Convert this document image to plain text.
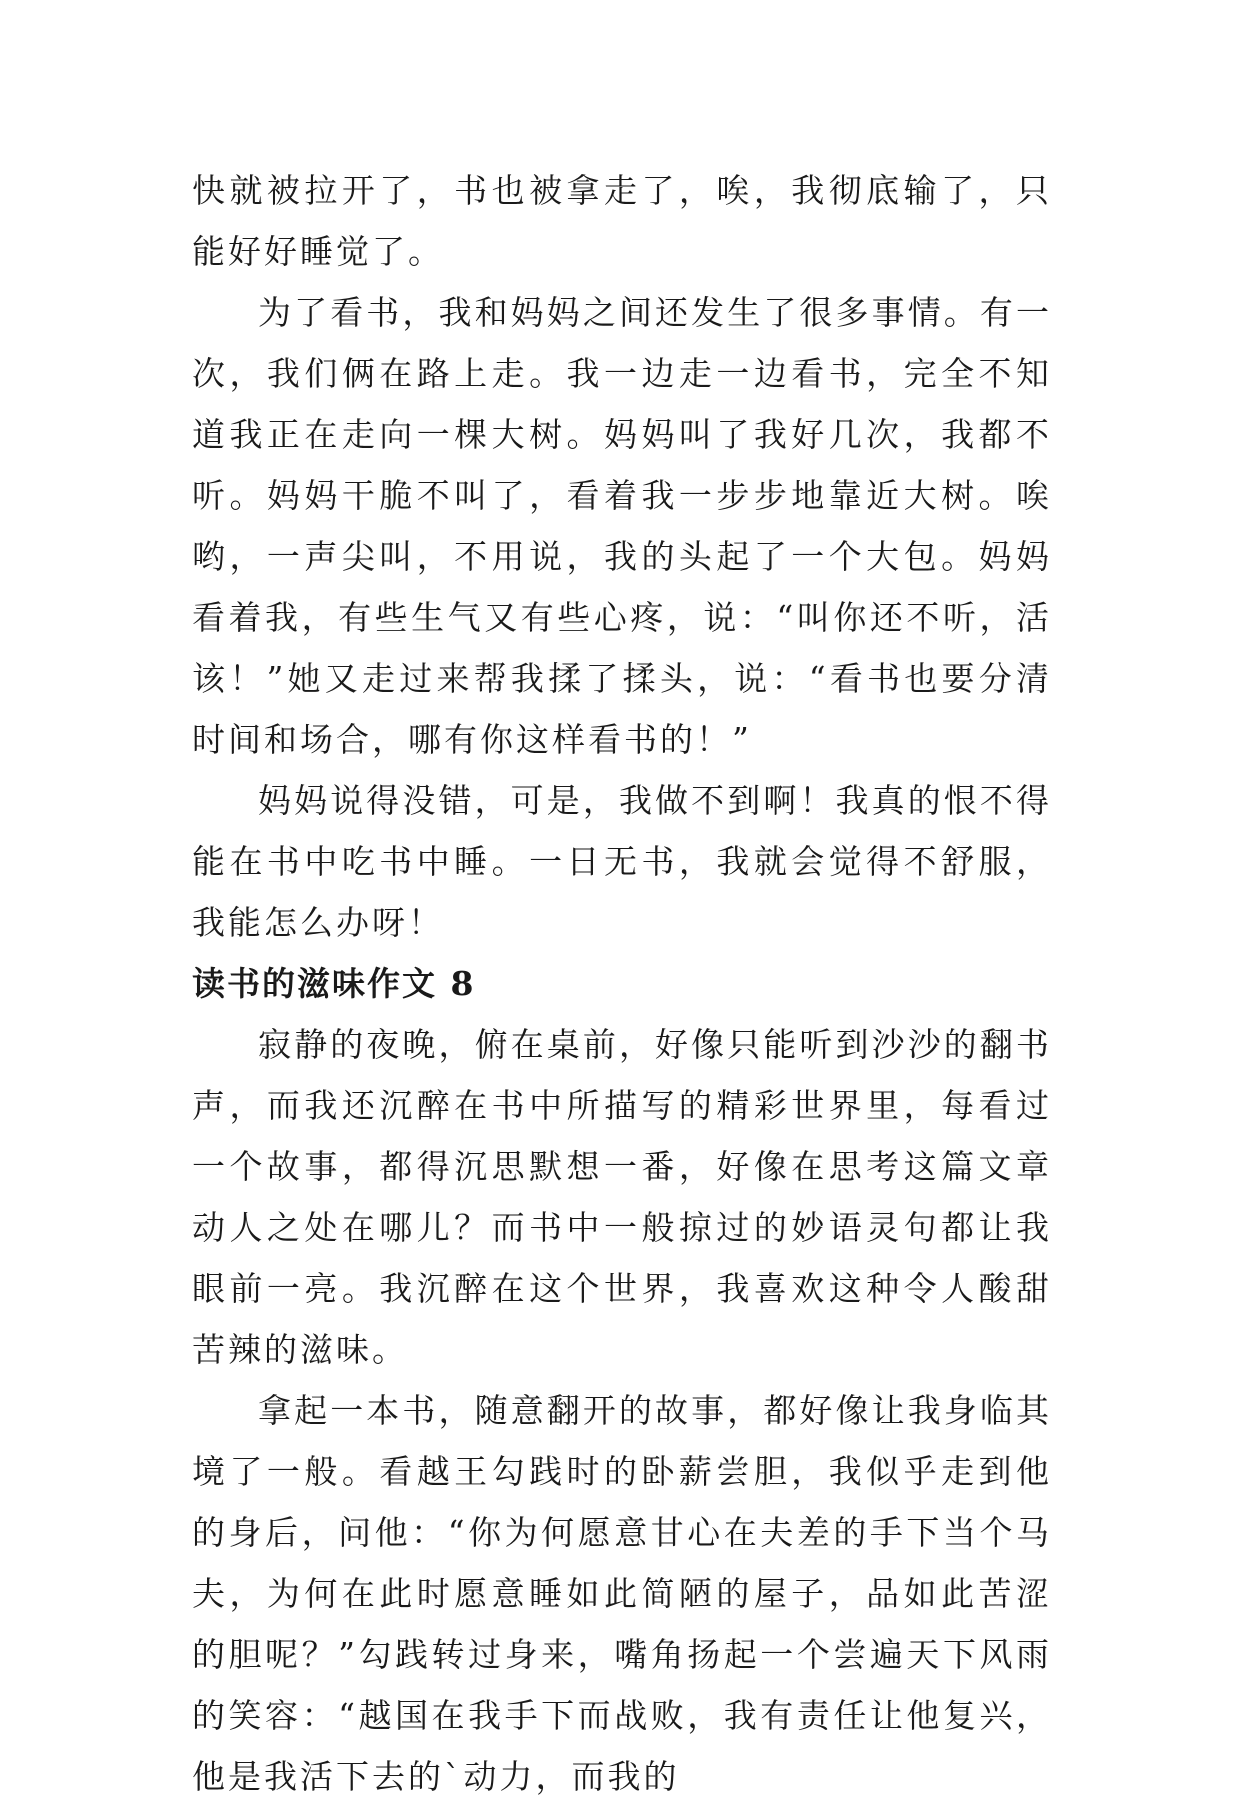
快就被拉开了，书也被拿走了，唉，我彻底输了，只能好好睡觉了。

为了看书，我和妈妈之间还发生了很多事情。有一次，我们俩在路上走。我一边走一边看书，完全不知道我正在走向一棵大树。妈妈叫了我好几次，我都不听。妈妈干脆不叫了，看着我一步步地靠近大树。唉哟，一声尖叫，不用说，我的头起了一个大包。妈妈看着我，有些生气又有些心疼，说：“叫你还不听，活该！”她又走过来帮我揉了揉头，说：“看书也要分清时间和场合，哪有你这样看书的！”

妈妈说得没错，可是，我做不到啊！我真的恨不得能在书中吃书中睡。一日无书，我就会觉得不舒服，我能怎么办呀！

读书的滋味作文 8

寂静的夜晚，俯在桌前，好像只能听到沙沙的翻书声，而我还沉醉在书中所描写的精彩世界里，每看过一个故事，都得沉思默想一番，好像在思考这篇文章动人之处在哪儿？而书中一般掠过的妙语灵句都让我眼前一亮。我沉醉在这个世界，我喜欢这种令人酸甜苦辣的滋味。

拿起一本书，随意翻开的故事，都好像让我身临其境了一般。看越王勾践时的卧薪尝胆，我似乎走到他的身后，问他：“你为何愿意甘心在夫差的手下当个马夫，为何在此时愿意睡如此简陋的屋子，品如此苦涩的胆呢？”勾践转过身来，嘴角扬起一个尝遍天下风雨的笑容：“越国在我手下而战败，我有责任让他复兴，他是我活下去的`动力，而我的
